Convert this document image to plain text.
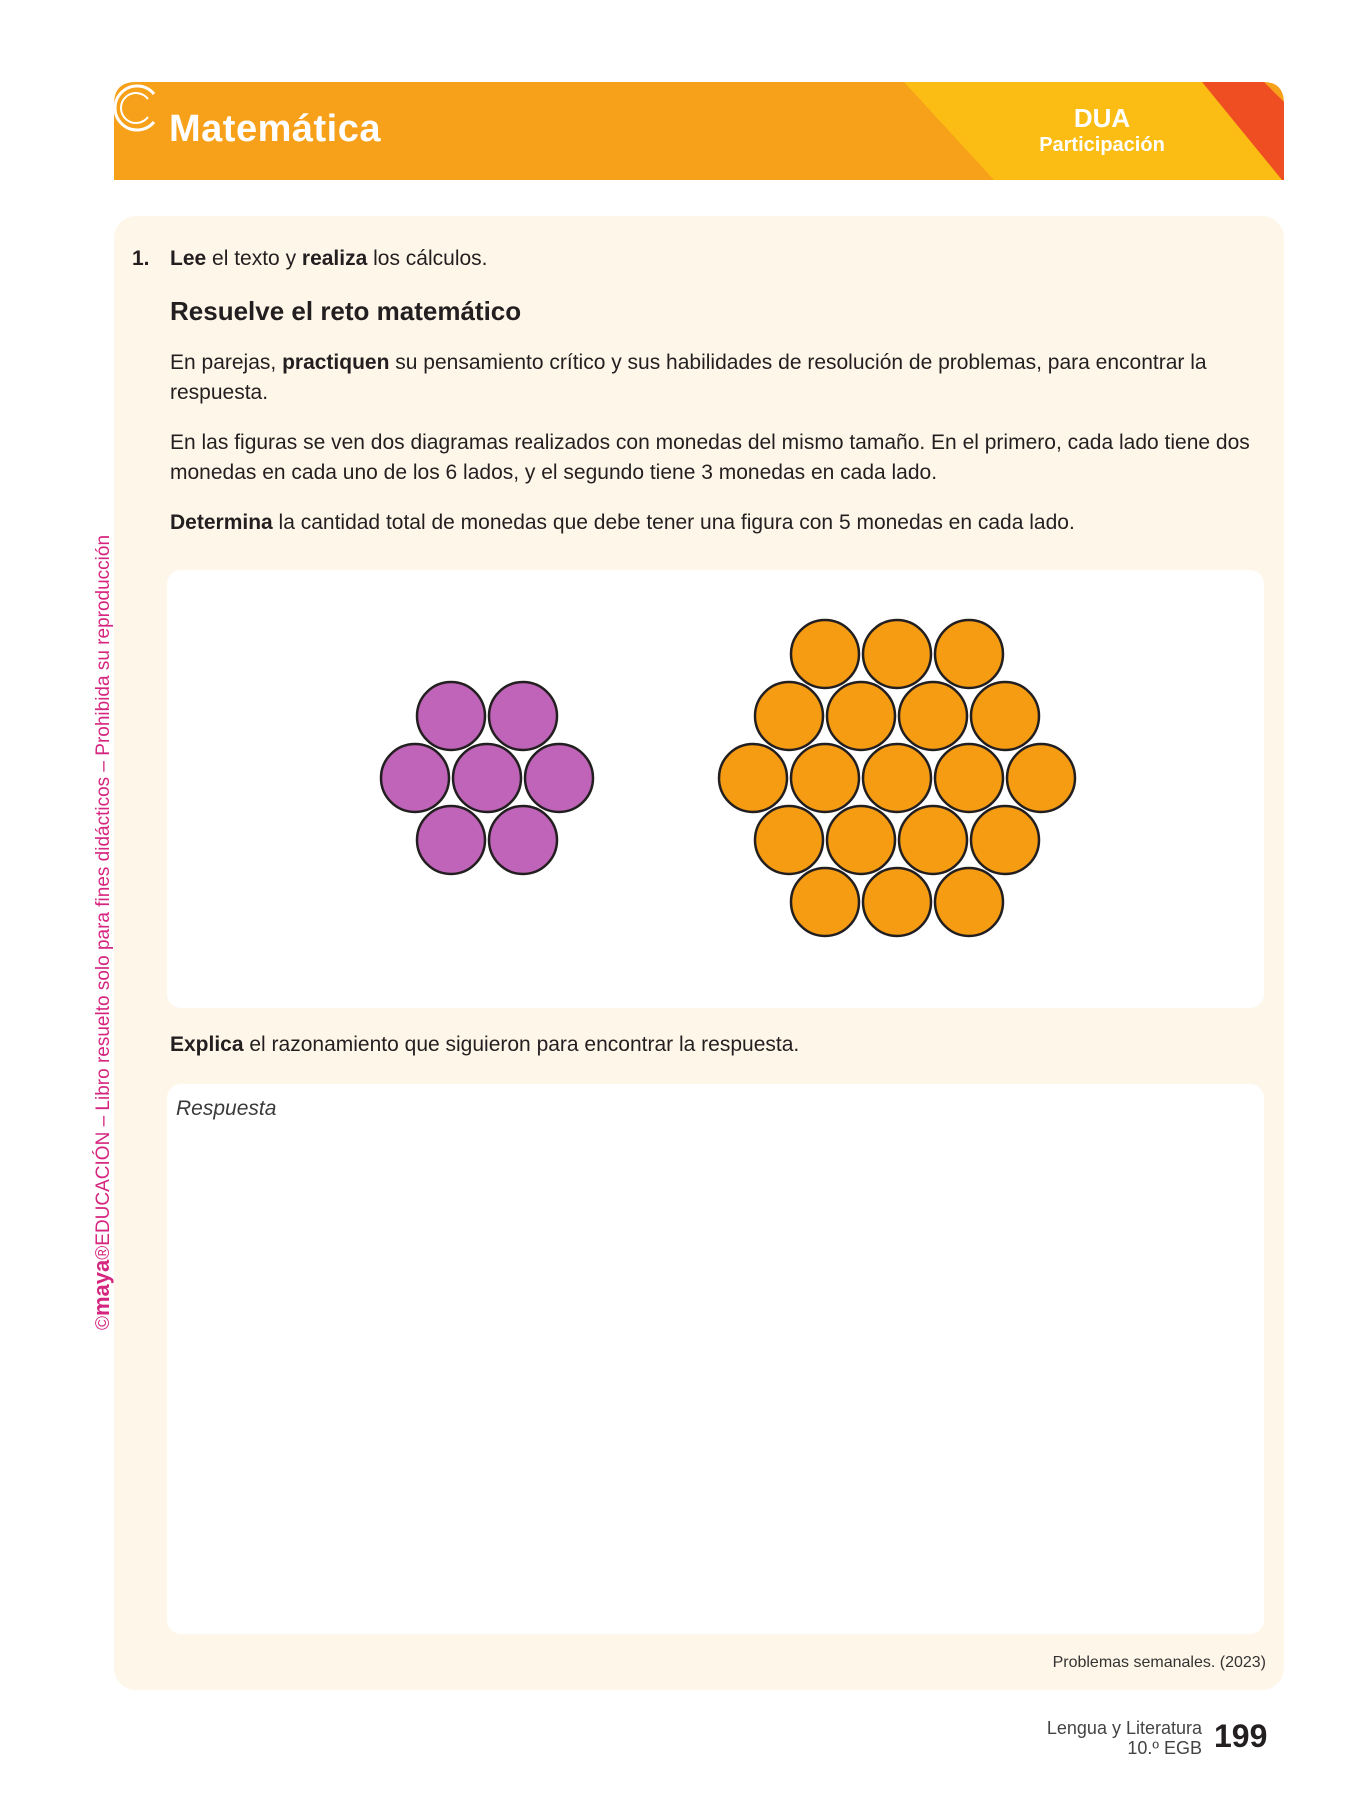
Matemática	DUA
Participación
©maya®EDUCACIÓN – Libro resuelto solo para fines didácticos – Prohibida su reproducción
1. Lee el texto y realiza los cálculos.
Resuelve el reto matemático
En parejas, practiquen su pensamiento crítico y sus habilidades de resolución de problemas, para encontrar la respuesta.
En las figuras se ven dos diagramas realizados con monedas del mismo tamaño. En el primero, cada lado tiene dos monedas en cada uno de los 6 lados, y el segundo tiene 3 monedas en cada lado.
Determina la cantidad total de monedas que debe tener una figura con 5 monedas en cada lado.
Explica el razonamiento que siguieron para encontrar la respuesta.
Respuesta
Problemas semanales. (2023)
Lengua y Literatura
10.º EGB 199
